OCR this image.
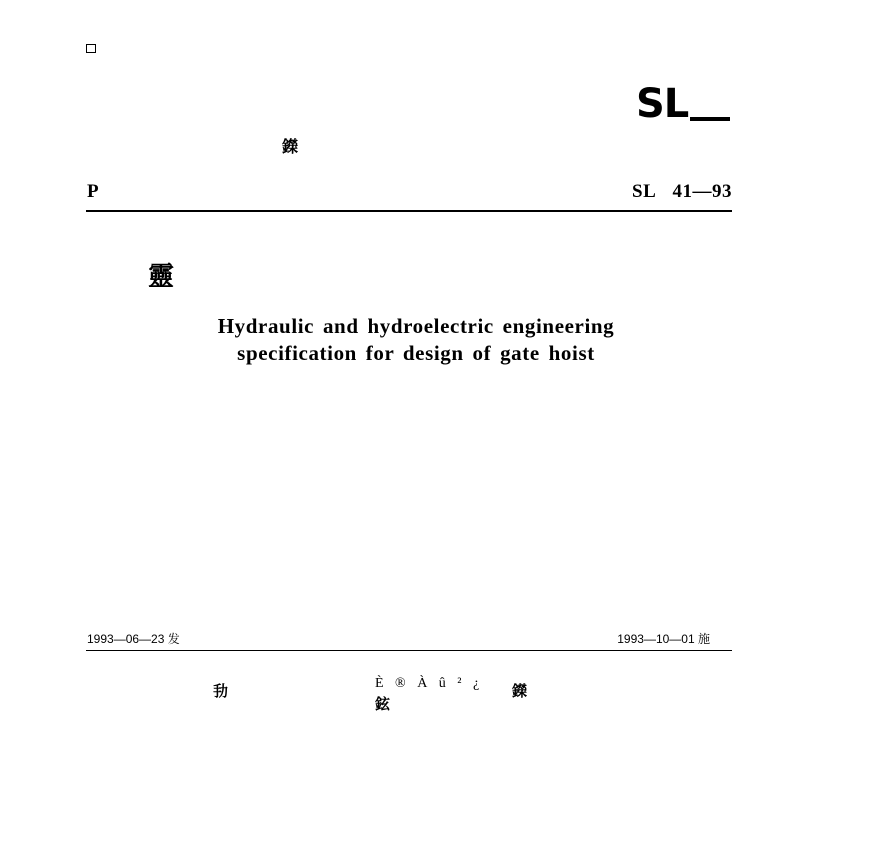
SL
鑅
P	SL 41—93
靈
Hydraulic and hydroelectric engineering
specification for design of gate hoist
1993—06—23 发	1993—10—01 施
劧	È ® À û ² ¿ 鑅
鉉
